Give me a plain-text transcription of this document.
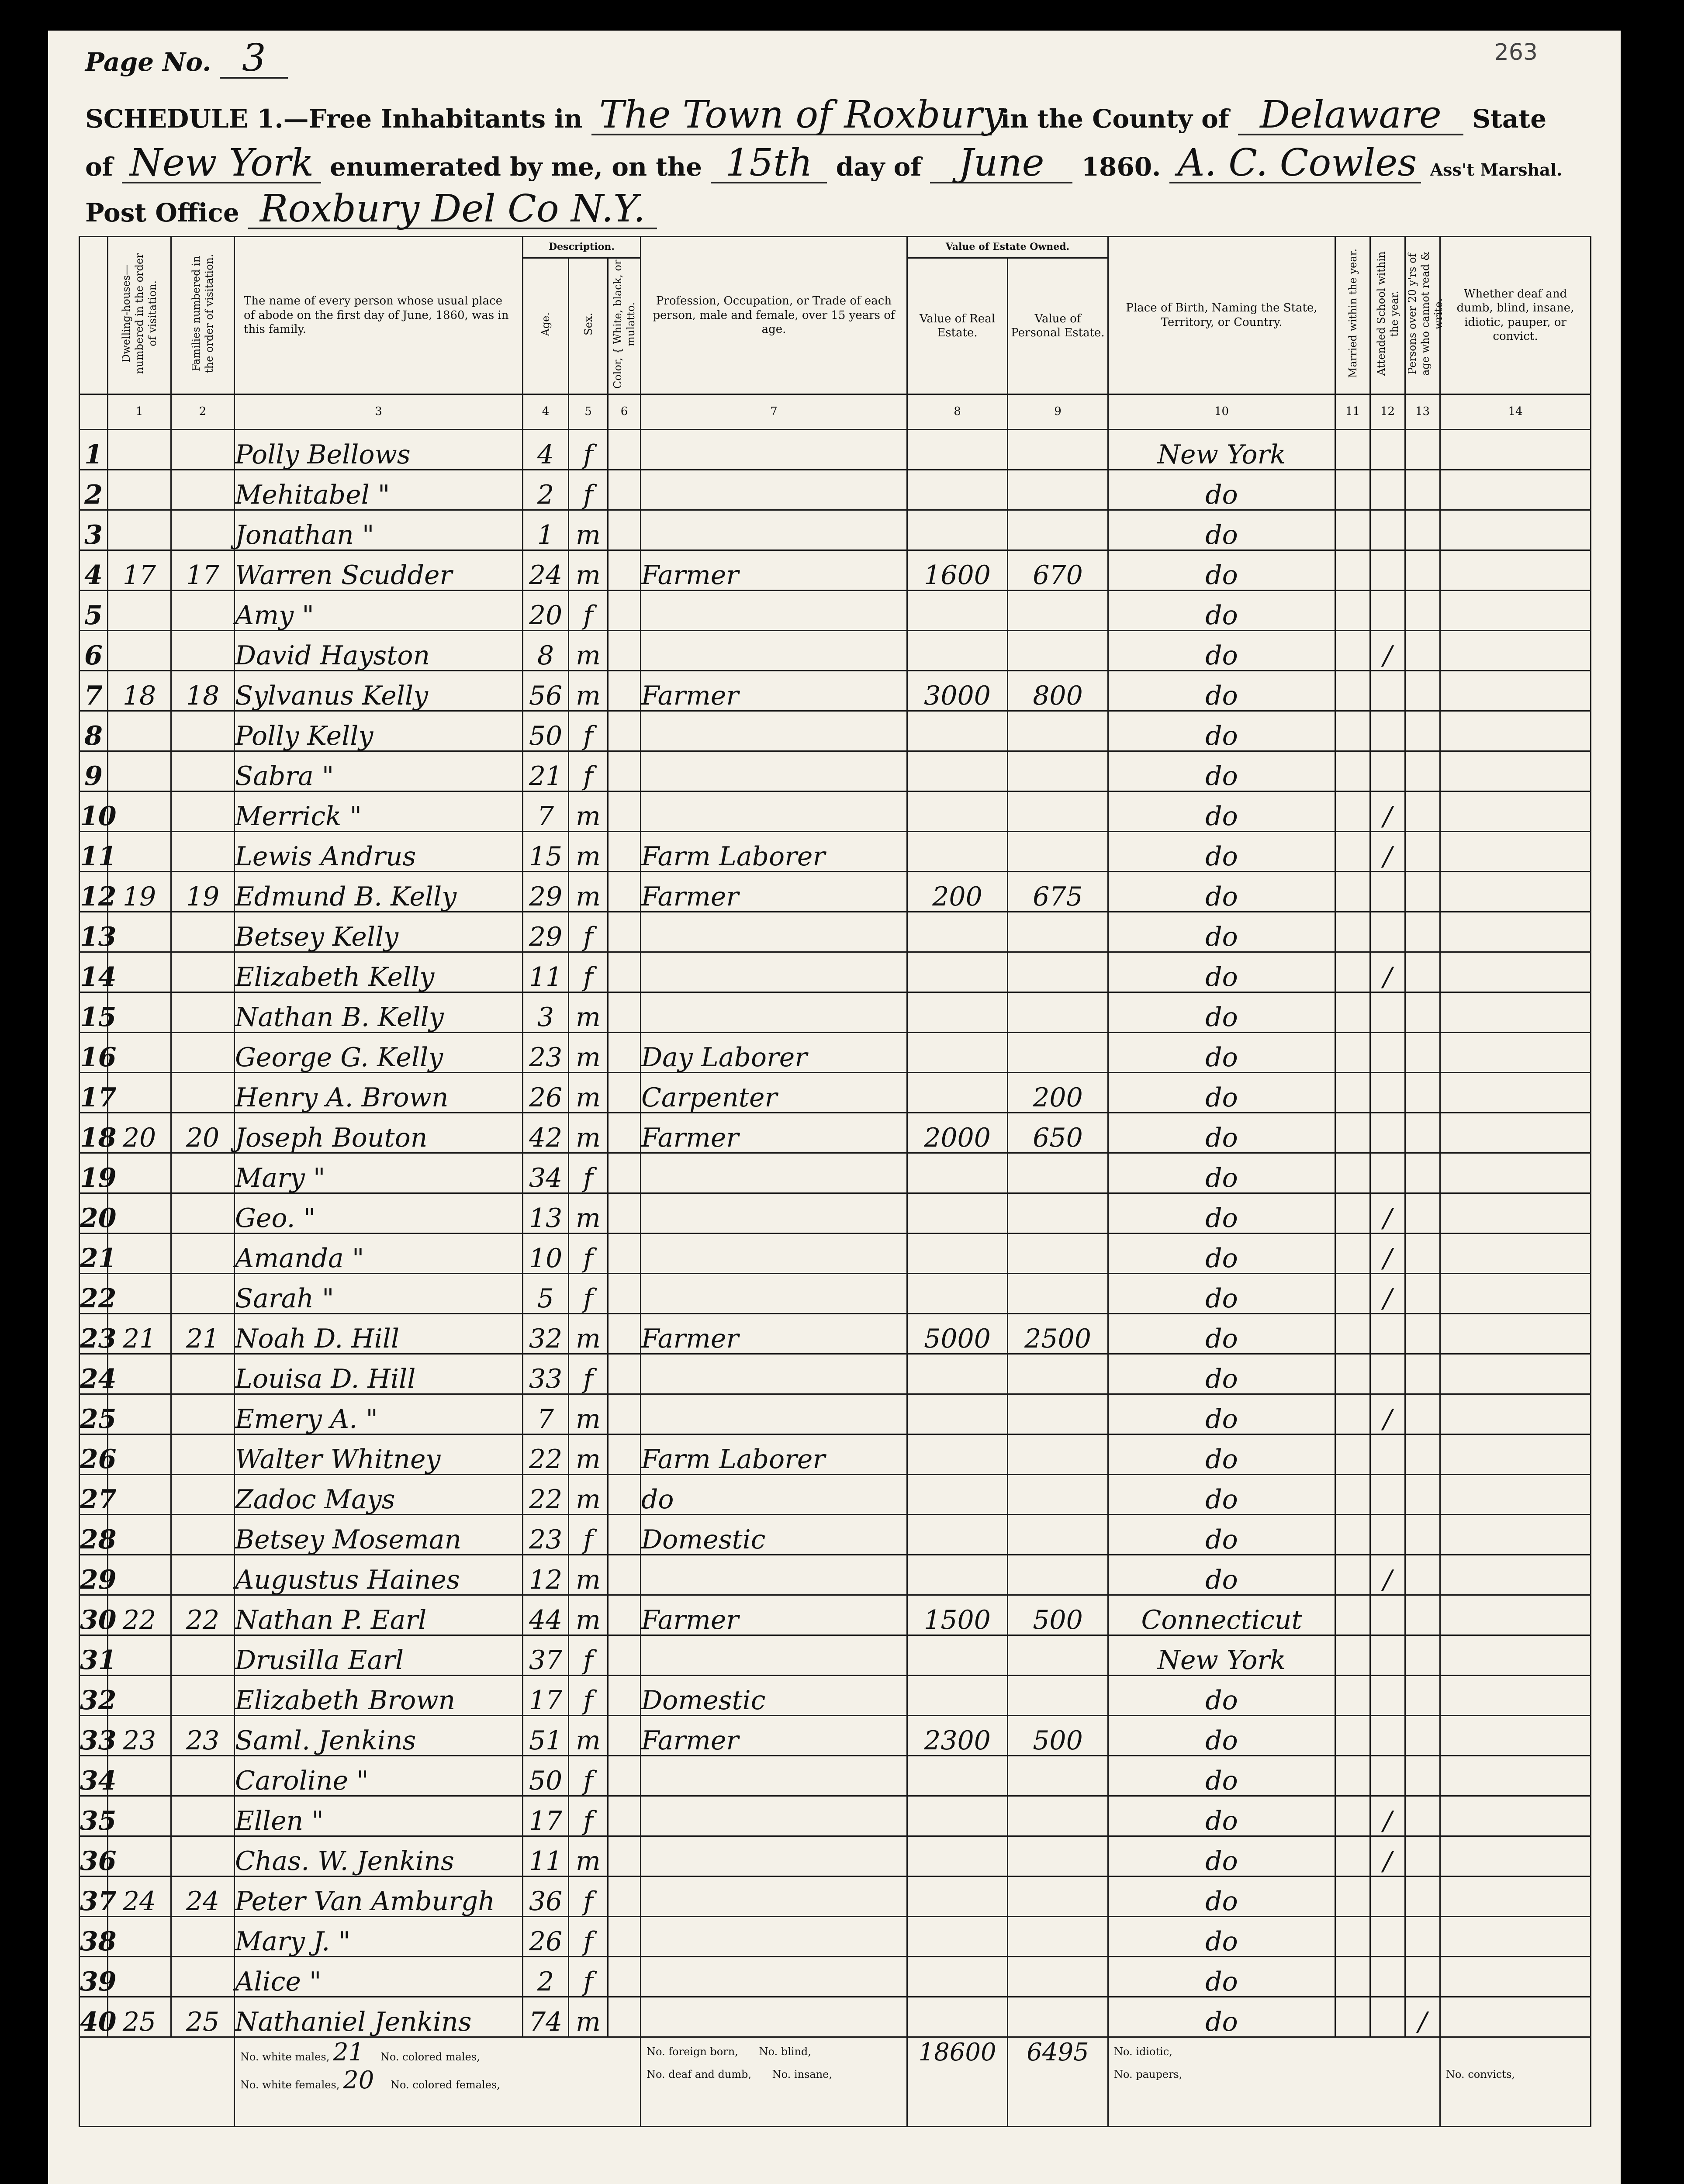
263
Page No. 3
SCHEDULE 1.—Free Inhabitants in The Town of Roxbury in the County of Delaware State
of New York enumerated by me, on the 15th day of June 1860. A. C. Cowles Ass't Marshal.
Post Office Roxbury Del Co N.Y.
	Dwelling-houses—numbered in the order of visitation.	Families numbered in the order of visitation.	The name of every person whose usual place of abode on the first day of June, 1860, was in this family.	Description.			Profession, Occupation, or Trade of each person, male and female, over 15 years of age.	Value of Estate Owned.		Place of Birth, Naming the State, Territory, or Country.	Married within the year.	Attended School within the year.	Persons over 20 y'rs of age who cannot read & write.	Whether deaf and dumb, blind, insane, idiotic, pauper, or convict.
				Age.	Sex.	Color, { White, black, or mulatto.		Value of Real Estate.	Value of Personal Estate.					
	1	2	3	4	5	6	7	8	9	10	11	12	13	14
1			Polly Bellows	4	f					New York				
2			Mehitabel "	2	f					do				
3			Jonathan "	1	m					do				
4	17	17	Warren Scudder	24	m		Farmer	1600	670	do				
5			Amy "	20	f					do				
6			David Hayston	8	m					do		/		
7	18	18	Sylvanus Kelly	56	m		Farmer	3000	800	do				
8			Polly Kelly	50	f					do				
9			Sabra "	21	f					do				
10			Merrick "	7	m					do		/		
11			Lewis Andrus	15	m		Farm Laborer			do		/		
12	19	19	Edmund B. Kelly	29	m		Farmer	200	675	do				
13			Betsey Kelly	29	f					do				
14			Elizabeth Kelly	11	f					do		/		
15			Nathan B. Kelly	3	m					do				
16			George G. Kelly	23	m		Day Laborer			do				
17			Henry A. Brown	26	m		Carpenter		200	do				
18	20	20	Joseph Bouton	42	m		Farmer	2000	650	do				
19			Mary "	34	f					do				
20			Geo. "	13	m					do		/		
21			Amanda "	10	f					do		/		
22			Sarah "	5	f					do		/		
23	21	21	Noah D. Hill	32	m		Farmer	5000	2500	do				
24			Louisa D. Hill	33	f					do				
25			Emery A. "	7	m					do		/		
26			Walter Whitney	22	m		Farm Laborer			do				
27			Zadoc Mays	22	m		do			do				
28			Betsey Moseman	23	f		Domestic			do				
29			Augustus Haines	12	m					do		/		
30	22	22	Nathan P. Earl	44	m		Farmer	1500	500	Connecticut				
31			Drusilla Earl	37	f					New York				
32			Elizabeth Brown	17	f		Domestic			do				
33	23	23	Saml. Jenkins	51	m		Farmer	2300	500	do				
34			Caroline "	50	f					do				
35			Ellen "	17	f					do		/		
36			Chas. W. Jenkins	11	m					do		/		
37	24	24	Peter Van Amburgh	36	f					do				
38			Mary J. "	26	f					do				
39			Alice "	2	f					do				
40	25	25	Nathaniel Jenkins	74	m					do			/	
			No. white males, 21 No. colored males,
No. white females, 20 No. colored females,				No. foreign born, No. blind,
No. deaf and dumb, No. insane,	18600	6495	No. idiotic,
No. paupers,				No. convicts,
